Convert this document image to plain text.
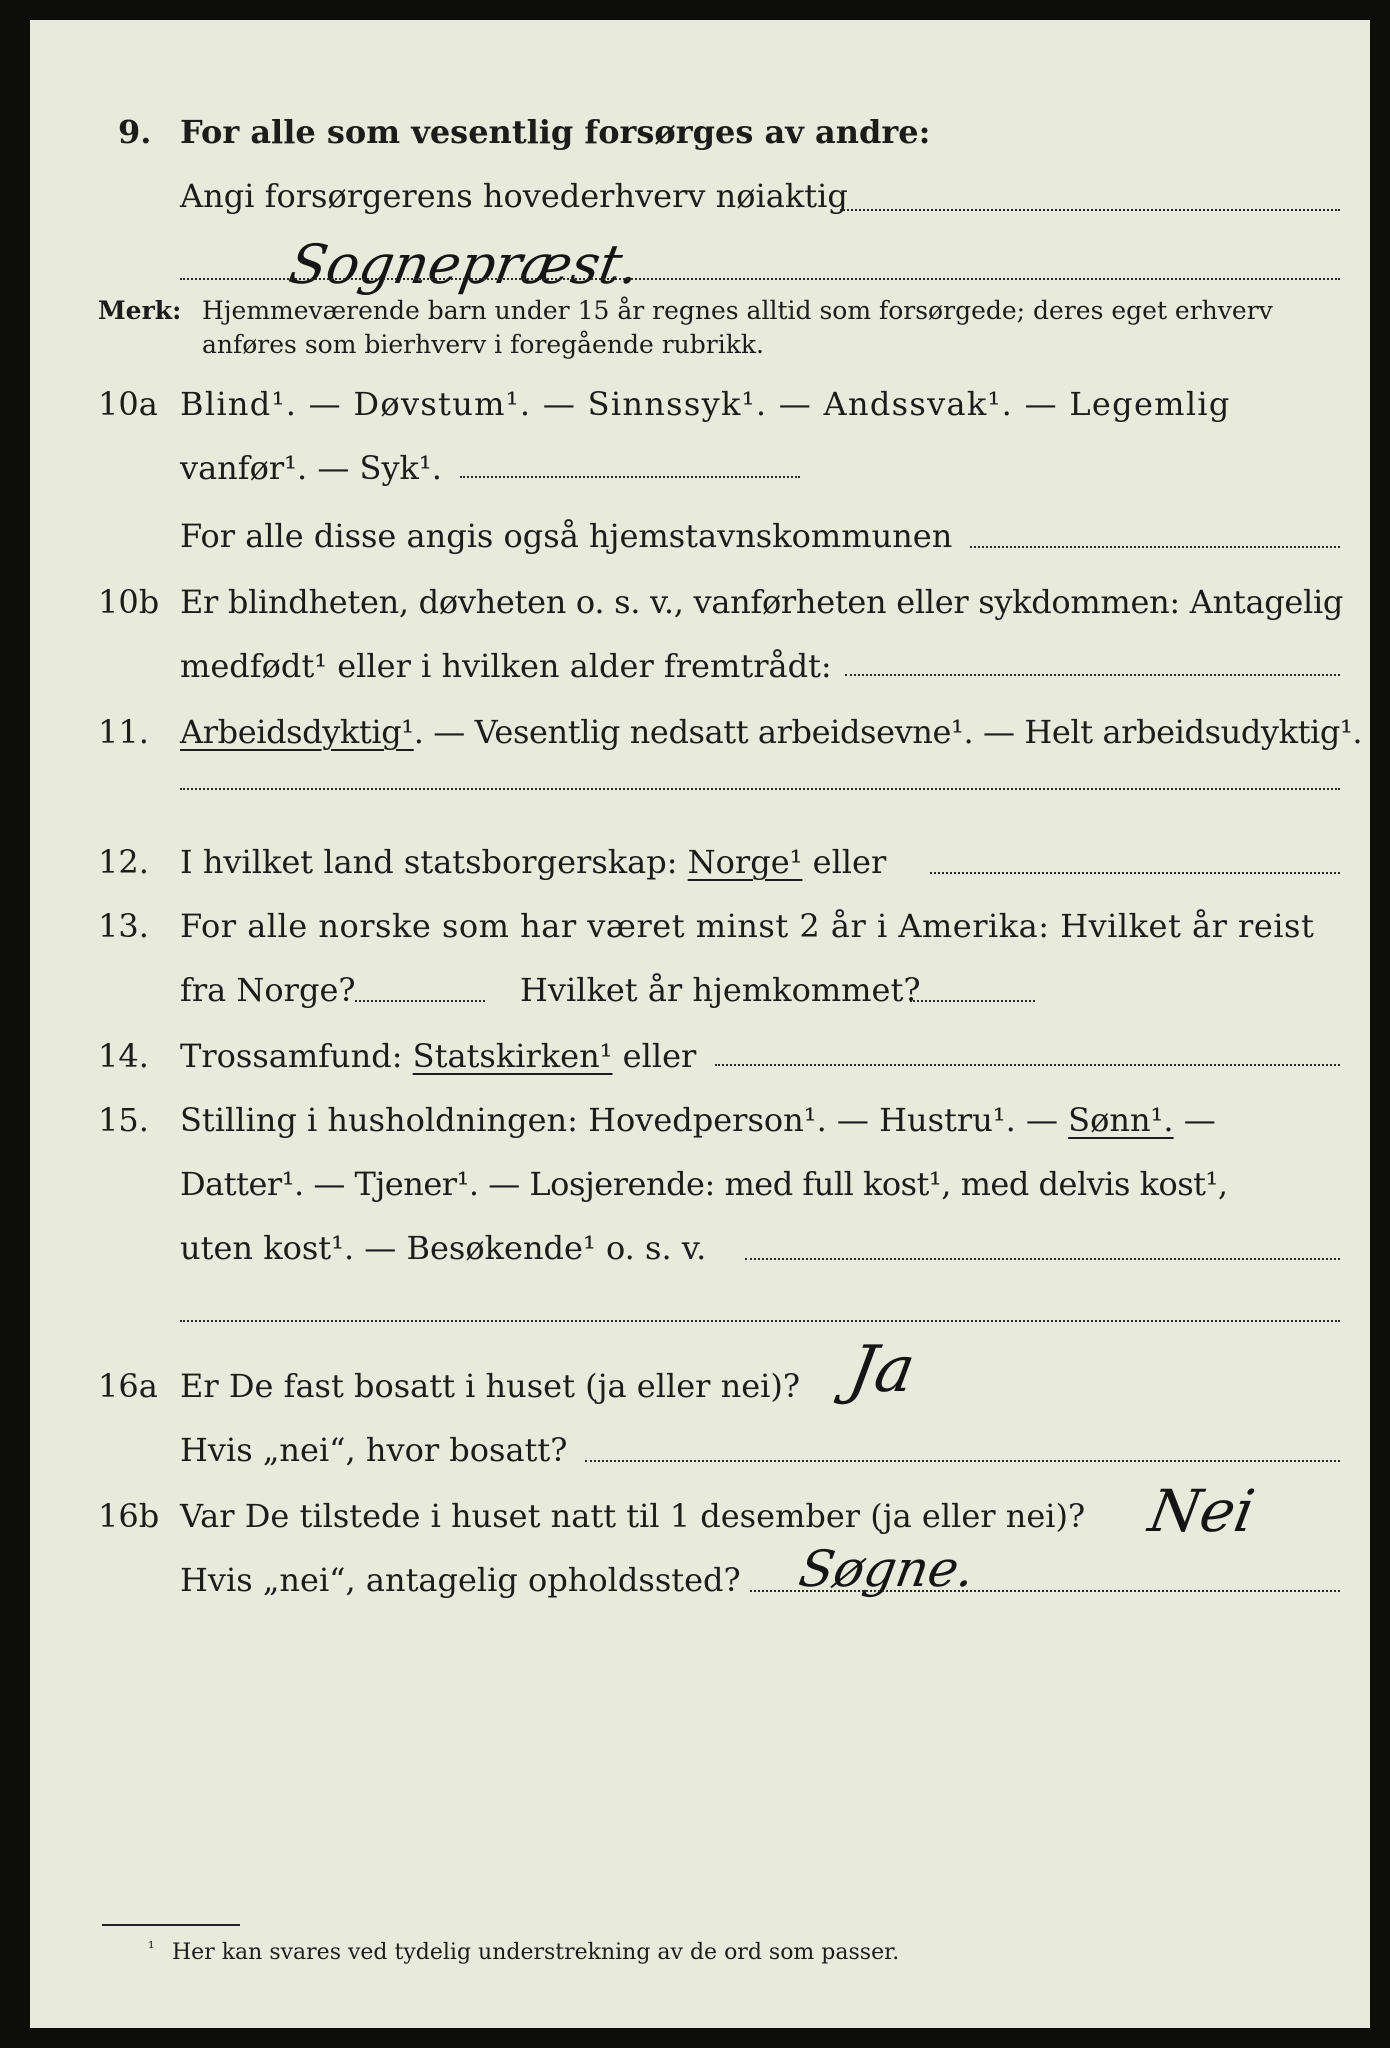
9. For alle som vesentlig forsørges av andre:
Angi forsørgerens hovederhverv nøiaktig
Sognepræst.
Merk: Hjemmeværende barn under 15 år regnes alltid som forsørgede; deres eget erhverv
anføres som bierhverv i foregående rubrikk.
10a Blind¹. — Døvstum¹. — Sinnssyk¹. — Andssvak¹. — Legemlig
vanfør¹. — Syk¹.
For alle disse angis også hjemstavnskommunen
10b Er blindheten, døvheten o. s. v., vanførheten eller sykdommen: Antagelig
medfødt¹ eller i hvilken alder fremtrådt:
11. Arbeidsdyktig¹. — Vesentlig nedsatt arbeidsevne¹. — Helt arbeidsudyktig¹.
12. I hvilket land statsborgerskap: Norge¹ eller
13. For alle norske som har været minst 2 år i Amerika: Hvilket år reist
fra Norge?	Hvilket år hjemkommet?
14. Trossamfund: Statskirken¹ eller
15. Stilling i husholdningen: Hovedperson¹. — Hustru¹. — Sønn¹. —
Datter¹. — Tjener¹. — Losjerende: med full kost¹, med delvis kost¹,
uten kost¹. — Besøkende¹ o. s. v.
16a Er De fast bosatt i huset (ja eller nei)? Ja
Hvis „nei“, hvor bosatt?
16b Var De tilstede i huset natt til 1 desember (ja eller nei)? Nei
Hvis „nei“, antagelig opholdssted? Søgne.
¹ Her kan svares ved tydelig understrekning av de ord som passer.
